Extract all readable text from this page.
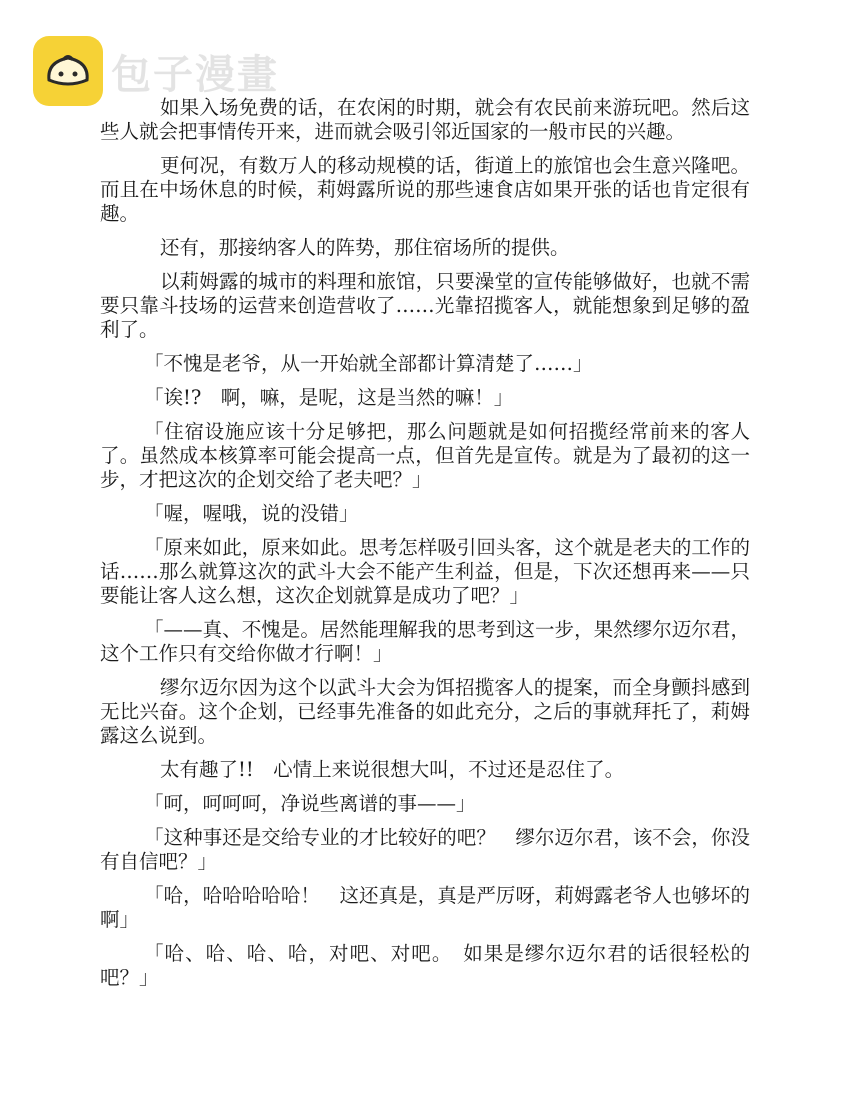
包子漫畫

如果入场免费的话，在农闲的时期，就会有农民前来游玩吧。然后这些人就会把事情传开来，进而就会吸引邻近国家的一般市民的兴趣。

更何况，有数万人的移动规模的话，街道上的旅馆也会生意兴隆吧。而且在中场休息的时候，莉姆露所说的那些速食店如果开张的话也肯定很有趣。

还有，那接纳客人的阵势，那住宿场所的提供。

以莉姆露的城市的料理和旅馆，只要澡堂的宣传能够做好，也就不需要只靠斗技场的运营来创造营收了……光靠招揽客人，就能想象到足够的盈利了。

「不愧是老爷，从一开始就全部都计算清楚了……」

「诶!?　啊，嘛，是呢，这是当然的嘛！」

「住宿设施应该十分足够把，那么问题就是如何招揽经常前来的客人了。虽然成本核算率可能会提高一点，但首先是宣传。就是为了最初的这一步，才把这次的企划交给了老夫吧？」

「喔，喔哦，说的没错」

「原来如此，原来如此。思考怎样吸引回头客，这个就是老夫的工作的话……那么就算这次的武斗大会不能产生利益，但是，下次还想再来——只要能让客人这么想，这次企划就算是成功了吧？」

「——真、不愧是。居然能理解我的思考到这一步，果然缪尔迈尔君，这个工作只有交给你做才行啊！」

缪尔迈尔因为这个以武斗大会为饵招揽客人的提案，而全身颤抖感到无比兴奋。这个企划，已经事先准备的如此充分，之后的事就拜托了，莉姆露这么说到。

太有趣了!!　心情上来说很想大叫，不过还是忍住了。

「呵，呵呵呵，净说些离谱的事——」

「这种事还是交给专业的才比较好的吧？　缪尔迈尔君，该不会，你没有自信吧？」

「哈，哈哈哈哈哈！　这还真是，真是严厉呀，莉姆露老爷人也够坏的啊」

「哈、哈、哈、哈，对吧、对吧。　如果是缪尔迈尔君的话很轻松的吧？」
